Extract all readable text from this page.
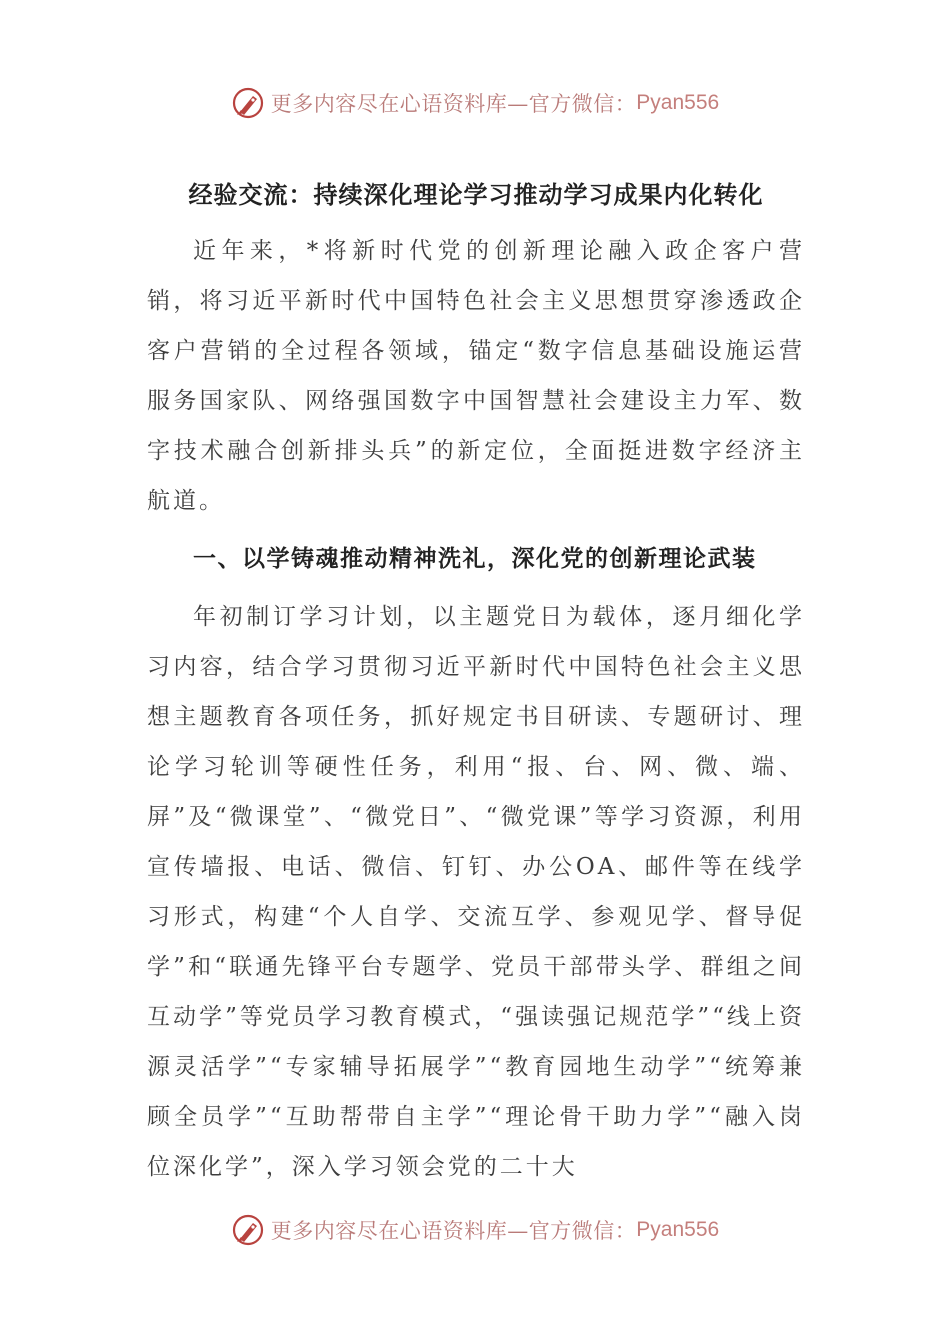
更多内容尽在心语资料库—官方微信： Pyan556
经验交流：持续深化理论学习推动学习成果内化转化

近年来，*将新时代党的创新理论融入政企客户营销，将习近平新时代中国特色社会主义思想贯穿渗透政企客户营销的全过程各领域，锚定“数字信息基础设施运营服务国家队、网络强国数字中国智慧社会建设主力军、数字技术融合创新排头兵”的新定位，全面挺进数字经济主航道。

一、以学铸魂推动精神洗礼，深化党的创新理论武装

年初制订学习计划，以主题党日为载体，逐月细化学习内容，结合学习贯彻习近平新时代中国特色社会主义思想主题教育各项任务，抓好规定书目研读、专题研讨、理论学习轮训等硬性任务，利用“报、台、网、微、端、屏”及“微课堂”、“微党日”、“微党课”等学习资源，利用宣传墙报、电话、微信、钉钉、办公OA、邮件等在线学习形式，构建“个人自学、交流互学、参观见学、督导促学”和“联通先锋平台专题学、党员干部带头学、群组之间互动学”等党员学习教育模式，“强读强记规范学”“线上资源灵活学”“专家辅导拓展学”“教育园地生动学”“统筹兼顾全员学”“互助帮带自主学”“理论骨干助力学”“融入岗位深化学”，深入学习领会党的二十大

更多内容尽在心语资料库—官方微信： Pyan556
